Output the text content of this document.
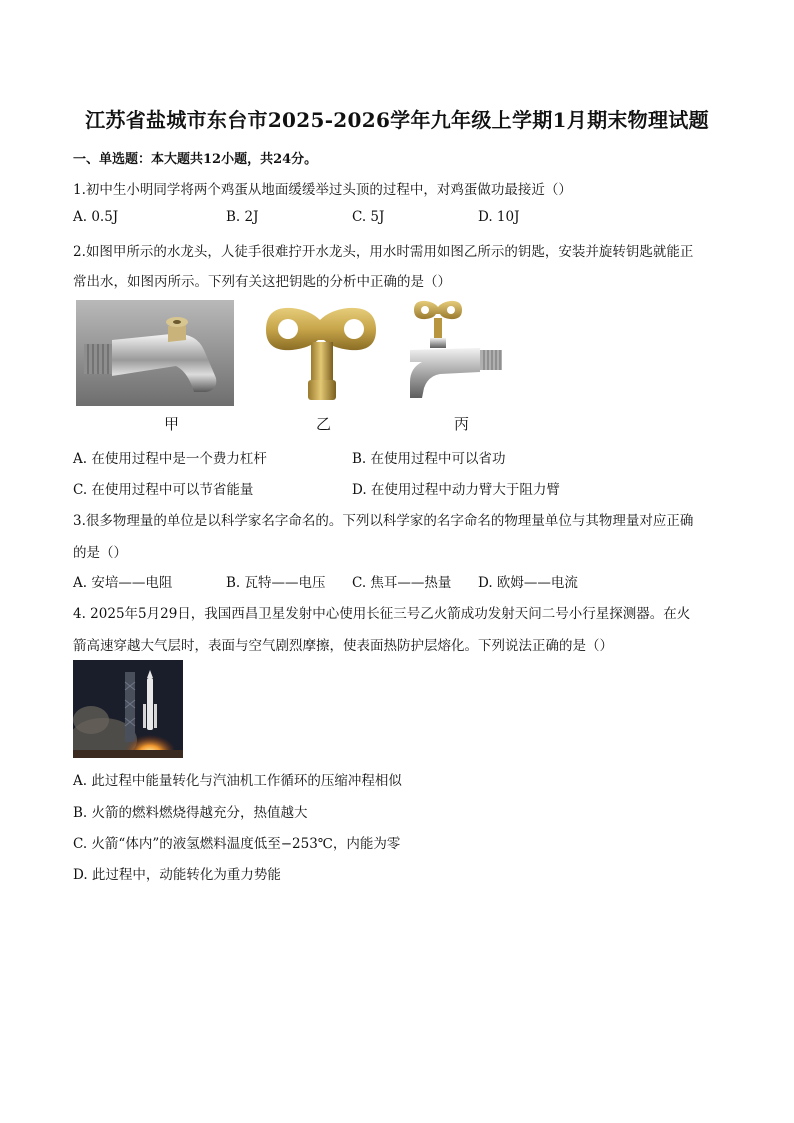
江苏省盐城市东台市2025-2026学年九年级上学期1月期末物理试题
一、单选题：本大题共12小题，共24分。
1.初中生小明同学将两个鸡蛋从地面缓缓举过头顶的过程中，对鸡蛋做功最接近（）
A. 0.5J	B. 2J	C. 5J	D. 10J
2.如图甲所示的水龙头，人徒手很难拧开水龙头，用水时需用如图乙所示的钥匙，安装并旋转钥匙就能正
常出水，如图丙所示。下列有关这把钥匙的分析中正确的是（）
甲	乙	丙
A. 在使用过程中是一个费力杠杆	B. 在使用过程中可以省功
C. 在使用过程中可以节省能量	D. 在使用过程中动力臂大于阻力臂
3.很多物理量的单位是以科学家名字命名的。下列以科学家的名字命名的物理量单位与其物理量对应正确
的是（）
A. 安培——电阻	B. 瓦特——电压 C. 焦耳——热量 D. 欧姆——电流
4. 2025年5月29日，我国西昌卫星发射中心使用长征三号乙火箭成功发射天问二号小行星探测器。在火
箭高速穿越大气层时，表面与空气剧烈摩擦，使表面热防护层熔化。下列说法正确的是（）
A. 此过程中能量转化与汽油机工作循环的压缩冲程相似
B. 火箭的燃料燃烧得越充分，热值越大
C. 火箭“体内”的液氢燃料温度低至−253℃，内能为零
D. 此过程中，动能转化为重力势能
